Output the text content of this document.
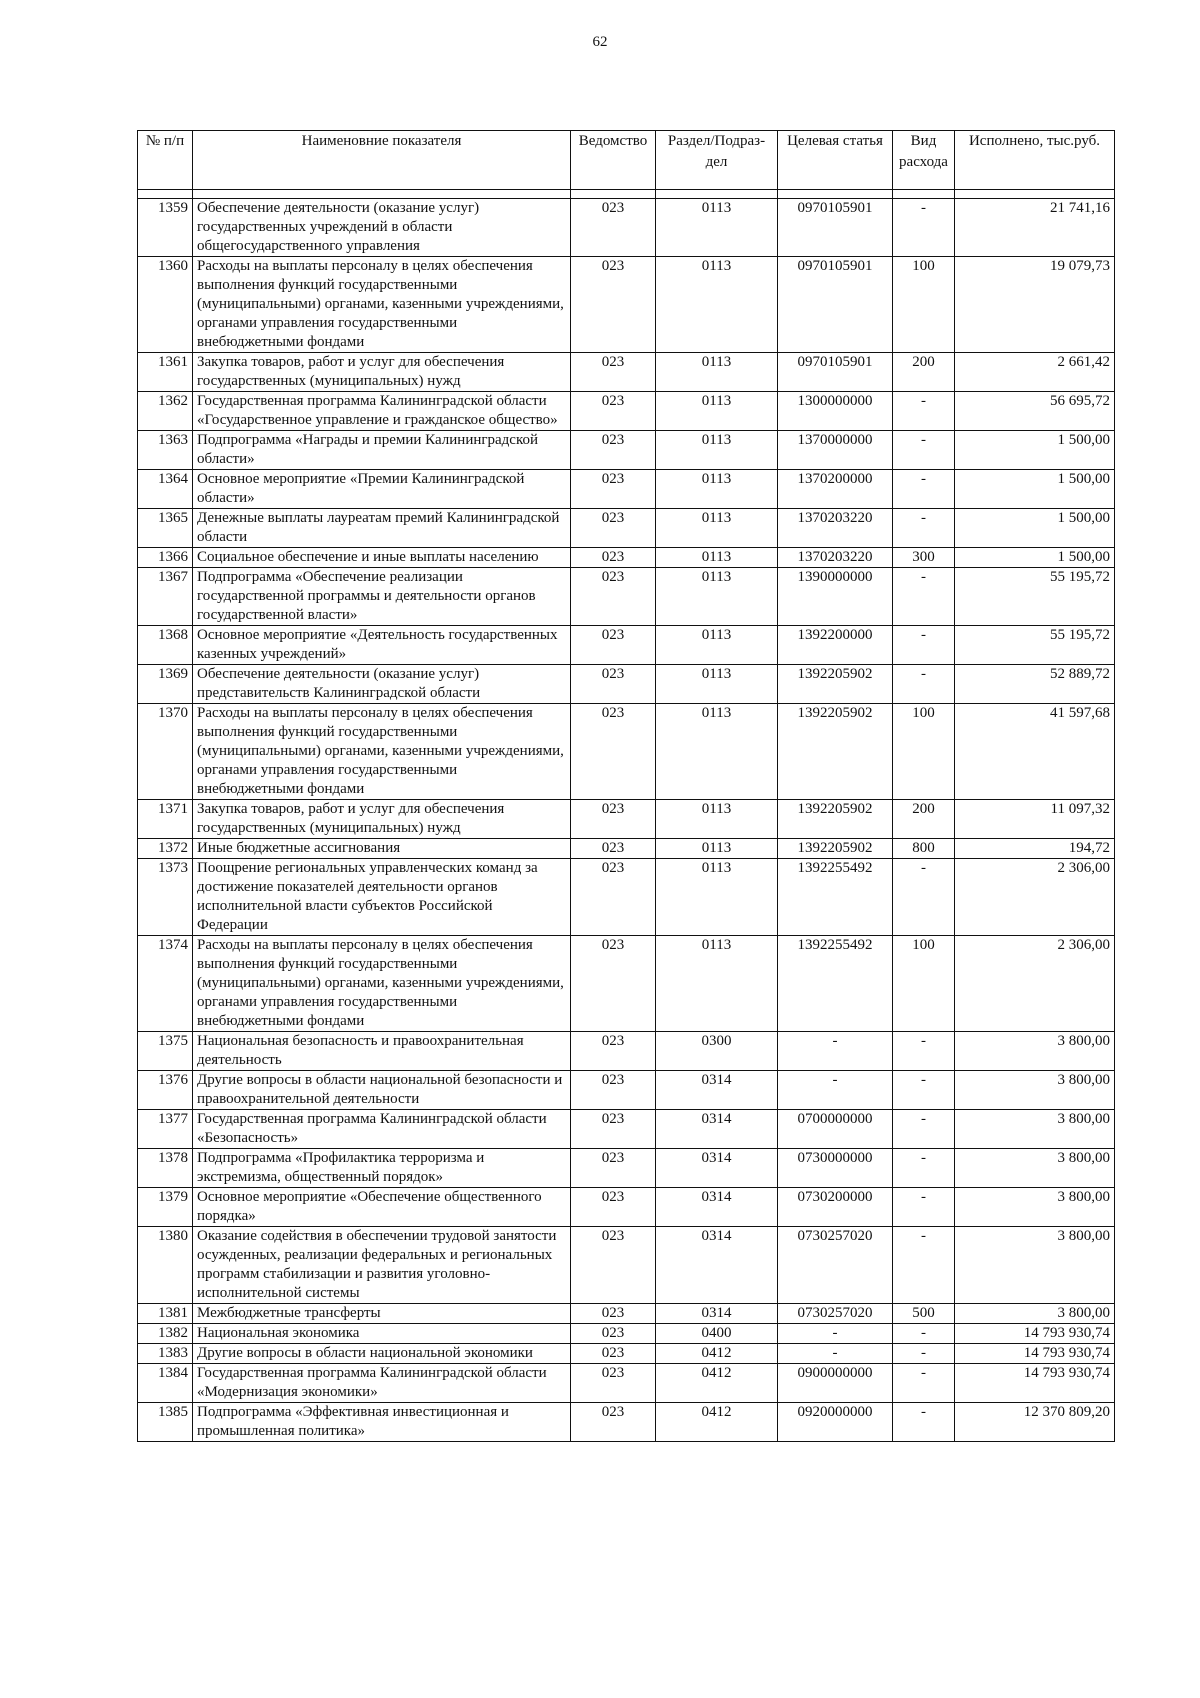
62
№ п/п	Наименовние показателя	Ведомство	Раздел/Подраз-дел	Целевая статья	Вид расхода	Исполнено, тыс.руб.

1359	Обеспечение деятельности (оказание услуг) государственных учреждений в области общегосударственного управления	023	0113	0970105901	-	21 741,16
1360	Расходы на выплаты персоналу в целях обеспечения выполнения функций государственными (муниципальными) органами, казенными учреждениями, органами управления государственными внебюджетными фондами	023	0113	0970105901	100	19 079,73
1361	Закупка товаров, работ и услуг для обеспечения государственных (муниципальных) нужд	023	0113	0970105901	200	2 661,42
1362	Государственная программа Калининградской области «Государственное управление и гражданское общество»	023	0113	1300000000	-	56 695,72
1363	Подпрограмма «Награды и премии Калининградской области»	023	0113	1370000000	-	1 500,00
1364	Основное мероприятие «Премии Калининградской области»	023	0113	1370200000	-	1 500,00
1365	Денежные выплаты лауреатам премий Калининградской области	023	0113	1370203220	-	1 500,00
1366	Социальное обеспечение и иные выплаты населению	023	0113	1370203220	300	1 500,00
1367	Подпрограмма «Обеспечение реализации государственной программы и деятельности органов государственной власти»	023	0113	1390000000	-	55 195,72
1368	Основное мероприятие «Деятельность государственных казенных учреждений»	023	0113	1392200000	-	55 195,72
1369	Обеспечение деятельности (оказание услуг) представительств Калининградской области	023	0113	1392205902	-	52 889,72
1370	Расходы на выплаты персоналу в целях обеспечения выполнения функций государственными (муниципальными) органами, казенными учреждениями, органами управления государственными внебюджетными фондами	023	0113	1392205902	100	41 597,68
1371	Закупка товаров, работ и услуг для обеспечения государственных (муниципальных) нужд	023	0113	1392205902	200	11 097,32
1372	Иные бюджетные ассигнования	023	0113	1392205902	800	194,72
1373	Поощрение региональных управленческих команд за достижение показателей деятельности органов исполнительной власти субъектов Российской Федерации	023	0113	1392255492	-	2 306,00
1374	Расходы на выплаты персоналу в целях обеспечения выполнения функций государственными (муниципальными) органами, казенными учреждениями, органами управления государственными внебюджетными фондами	023	0113	1392255492	100	2 306,00
1375	Национальная безопасность и правоохранительная деятельность	023	0300	-	-	3 800,00
1376	Другие вопросы в области национальной безопасности и правоохранительной деятельности	023	0314	-	-	3 800,00
1377	Государственная программа Калининградской области «Безопасность»	023	0314	0700000000	-	3 800,00
1378	Подпрограмма «Профилактика терроризма и экстремизма, общественный порядок»	023	0314	0730000000	-	3 800,00
1379	Основное мероприятие «Обеспечение общественного порядка»	023	0314	0730200000	-	3 800,00
1380	Оказание содействия в обеспечении трудовой занятости осужденных, реализации федеральных и региональных программ стабилизации и развития уголовно-исполнительной системы	023	0314	0730257020	-	3 800,00
1381	Межбюджетные трансферты	023	0314	0730257020	500	3 800,00
1382	Национальная экономика	023	0400	-	-	14 793 930,74
1383	Другие вопросы в области национальной экономики	023	0412	-	-	14 793 930,74
1384	Государственная программа Калининградской области «Модернизация экономики»	023	0412	0900000000	-	14 793 930,74
1385	Подпрограмма «Эффективная инвестиционная и промышленная политика»	023	0412	0920000000	-	12 370 809,20
